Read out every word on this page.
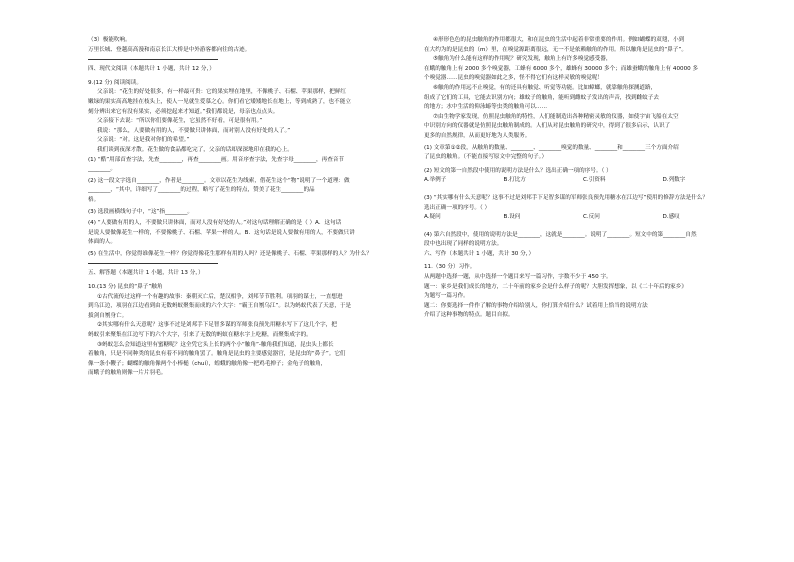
（3）极能吹响。
万里长城、登越高高漫和南京长江大桥是中外游客都向往的古迹。
四、现代文阅读（本题共计 1 小题，共计 12 分，）
9.(12 分) 阅读阅读。
父亲说：“花生的好处很多，有一样最可贵：它的果实埋在地里，不像桃子、石榴、苹果那样，把鲜红
嫩绿的果实高高地挂在枝头上，使人一见就生爱慕之心。你们看它矮矮地长在地上，等到成熟了，也不能立
刻分辨出来它有没有果实，必须挖起来才知道。”我们都说是，母亲也点点头。
父亲接下去说：“所以你们要像花生，它虽然不好看，可是很有用。”
我说：“那么，人要做有用的人，不要做只讲体面，而对别人没有好处的人了。”
父亲说：“对。这是我对你们的希望。”
我们谈到夜深才散。花生做的食品都吃完了，父亲的话却深深地印在我的心上。
(1) “酷”用部首查字法，先查________，再查________画。用音序查字法，先查字母________，再查音节
________。
(2) 这一段文字选自________，作者是________。文章以花生为线索，借花生这个“物”说明了一个道理：做
________，“其中，详细写了________的过程，略写了花生的特点，赞美了花生________的品
格。
(3) 选段画横线句子中，“这”指________。
(4) “人要做有用的人，不要做只讲体面，而对人没有好处的人。”对这句话理解正确的是（ ）A．这句话
是说人要做像花生一样的，不要像桃子、石榴、苹果一样的人。B．这句话是说人要做有用的人，不要做只讲
体面的人。
(5) 在生活中，你觉得谁像花生一样？你觉得像花生那样有用的人吗？还是像桃子、石榴、苹果那样的人？为什么？
五、解答题（本题共计 1 小题，共计 13 分，）
10.(13 分) 昆虫的“鼻子”触角
①古代流传过这样一个有趣的故事：秦朝灭亡后，楚汉相争，刘邦节节胜利。项羽的谋士，一直想进
到乌江边，项羽在江边看到由无数蚂蚁聚集而成的六个大字：“霸王自刎乌江”。以为蚂蚁代表了天意，于是
拔剑自刎身亡。
②其实哪有什么天意呢？这事不过是刘邦手下足智多谋的军师张良预先用糖水写下了这几个字，把
蚂蚁引来聚集在江边写下的六个大字，引来了无数的蚂蚁在糖水字上吃糖，而聚集成字的。
③蚂蚁怎么会知道这里有蜜糖呢？这全凭它头上长的两个小“触角”-触角我们知道，昆虫头上都长
着触角，只是不同种类的昆虫有着不同的触角罢了。触角是昆虫的主要感觉器官，是昆虫的“鼻子”。它们
像一条小鞭子；蝴蝶的触角像两个小棒槌（chuí），蝗蛾的触角像一把鸡毛掸子；金龟子的触角，
而蛾子的触角则像一片片羽毛。
④形形色色的昆虫触角的作用都很大，和在昆虫的生活中起着非常重要的作用。例如蝴蝶的双翅，小到
在大约为的是昆虫的（m）里，在嗅觉源距离很远，无一不是依赖触角的作用。所以触角是昆虫的“鼻子”。
⑤触角为什么能有这样的作用呢？研究发现，触角上有许多嗅觉感受器，
在蛾的触角上有 2000 多个嗅觉器，工蜂有 6000 多个，雄蜂有 30000 多个；而雄蚕蛾的触角上有 40000 多
个嗅觉器……昆虫的嗅觉器如此之多，怪不得它们有这样灵敏的嗅觉呢！
⑥触角的作用远不止嗅觉，有的还具有触觉、听觉等功能。比如蟑螂，就靠触角探测道路，
组成了它们的工具，它能去识别方向；雄蚊子的触角，能听到雌蚊子发出的声音，找到雌蚊子去
的地方；水中生活的仰泳蝽等虫类的触角可以……
⑦由生物学家发现，仿照昆虫触角的特性，人们能制造出各种精密灵敏的仪器，如使宇宙飞船在太空
中识别方向的仪器就是仿照昆虫触角制成的。人们从对昆虫触角的研究中，得到了很多启示，认识了
更多的自然规律，从而更好地为人类服务。
(1) 文章第①②段，从触角的数量、________、________嗅觉的数量、________和________三个方面介绍
了昆虫的触角。（不能直接写原文中完整的句子。）
(2) 短文的第一自然段中使用的说明方法是什么？选出正确一项的序号。（ ）
A.举例子	B.打比方	C.引资料	D.列数字
(3) “其实哪有什么天意呢？这事不过是刘邦手下足智多谋的军师张良预先用糖水在江边写”使用的修辞方法是什么？
选出正确一项的序号。（ ）
A.疑问	B.设问	C.反问	D.感叹
(4) 第六自然段中，使用的说明方法是________，这就是________。说明了________。短文中的第________自然
段中也出现了同样的说明方法。
六、写作（本题共计 1 小题，共计 30 分，）
11.（30 分）习作。
从两题中选择一题，从中选择一个题目来写一篇习作，字数不少于 450 字。
题一：家乡是我们成长的地方，二十年前的家乡会是什么样子的呢？大胆发挥想象，以《二十年后的家乡》
为题写一篇习作。
题二：你要选择一件作了解的事物介绍给别人，你打算介绍什么？试着用上恰当的说明方法
介绍了这种事物的特点。题目自拟。
